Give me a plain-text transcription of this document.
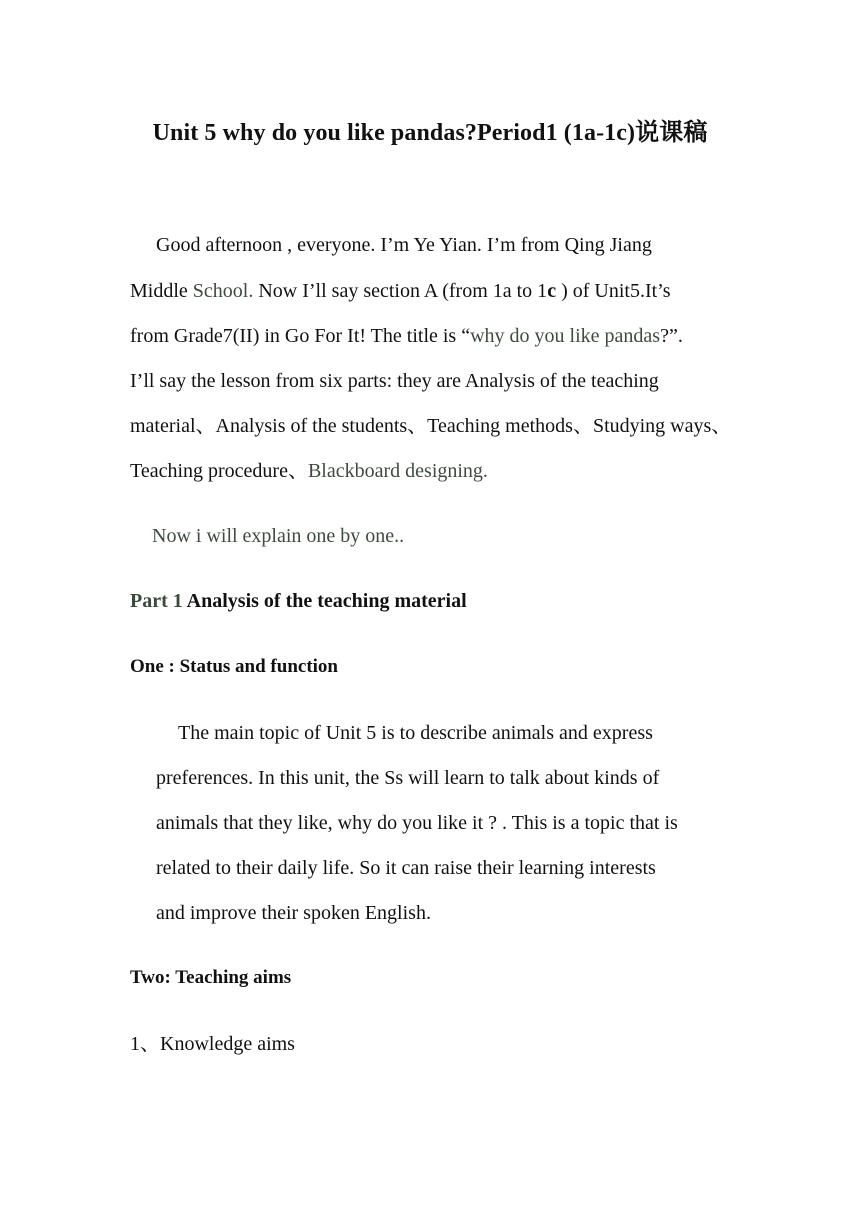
Unit 5 why do you like pandas?Period1 (1a-1c)说课稿
Good afternoon , everyone. I’m Ye Yian. I’m from Qing Jiang
Middle School. Now I’ll say section A (from 1a to 1c ) of Unit5.It’s
from Grade7(II) in Go For It! The title is “why do you like pandas?”.
I’ll say the lesson from six parts: they are Analysis of the teaching
material、Analysis of the students、Teaching methods、Studying ways、
Teaching procedure、Blackboard designing.
Now i will explain one by one..
Part 1 Analysis of the teaching material
One : Status and function
The main topic of Unit 5 is to describe animals and express
preferences. In this unit, the Ss will learn to talk about kinds of
animals that they like, why do you like it ? . This is a topic that is
related to their daily life. So it can raise their learning interests
and improve their spoken English.
Two: Teaching aims
1、Knowledge aims
